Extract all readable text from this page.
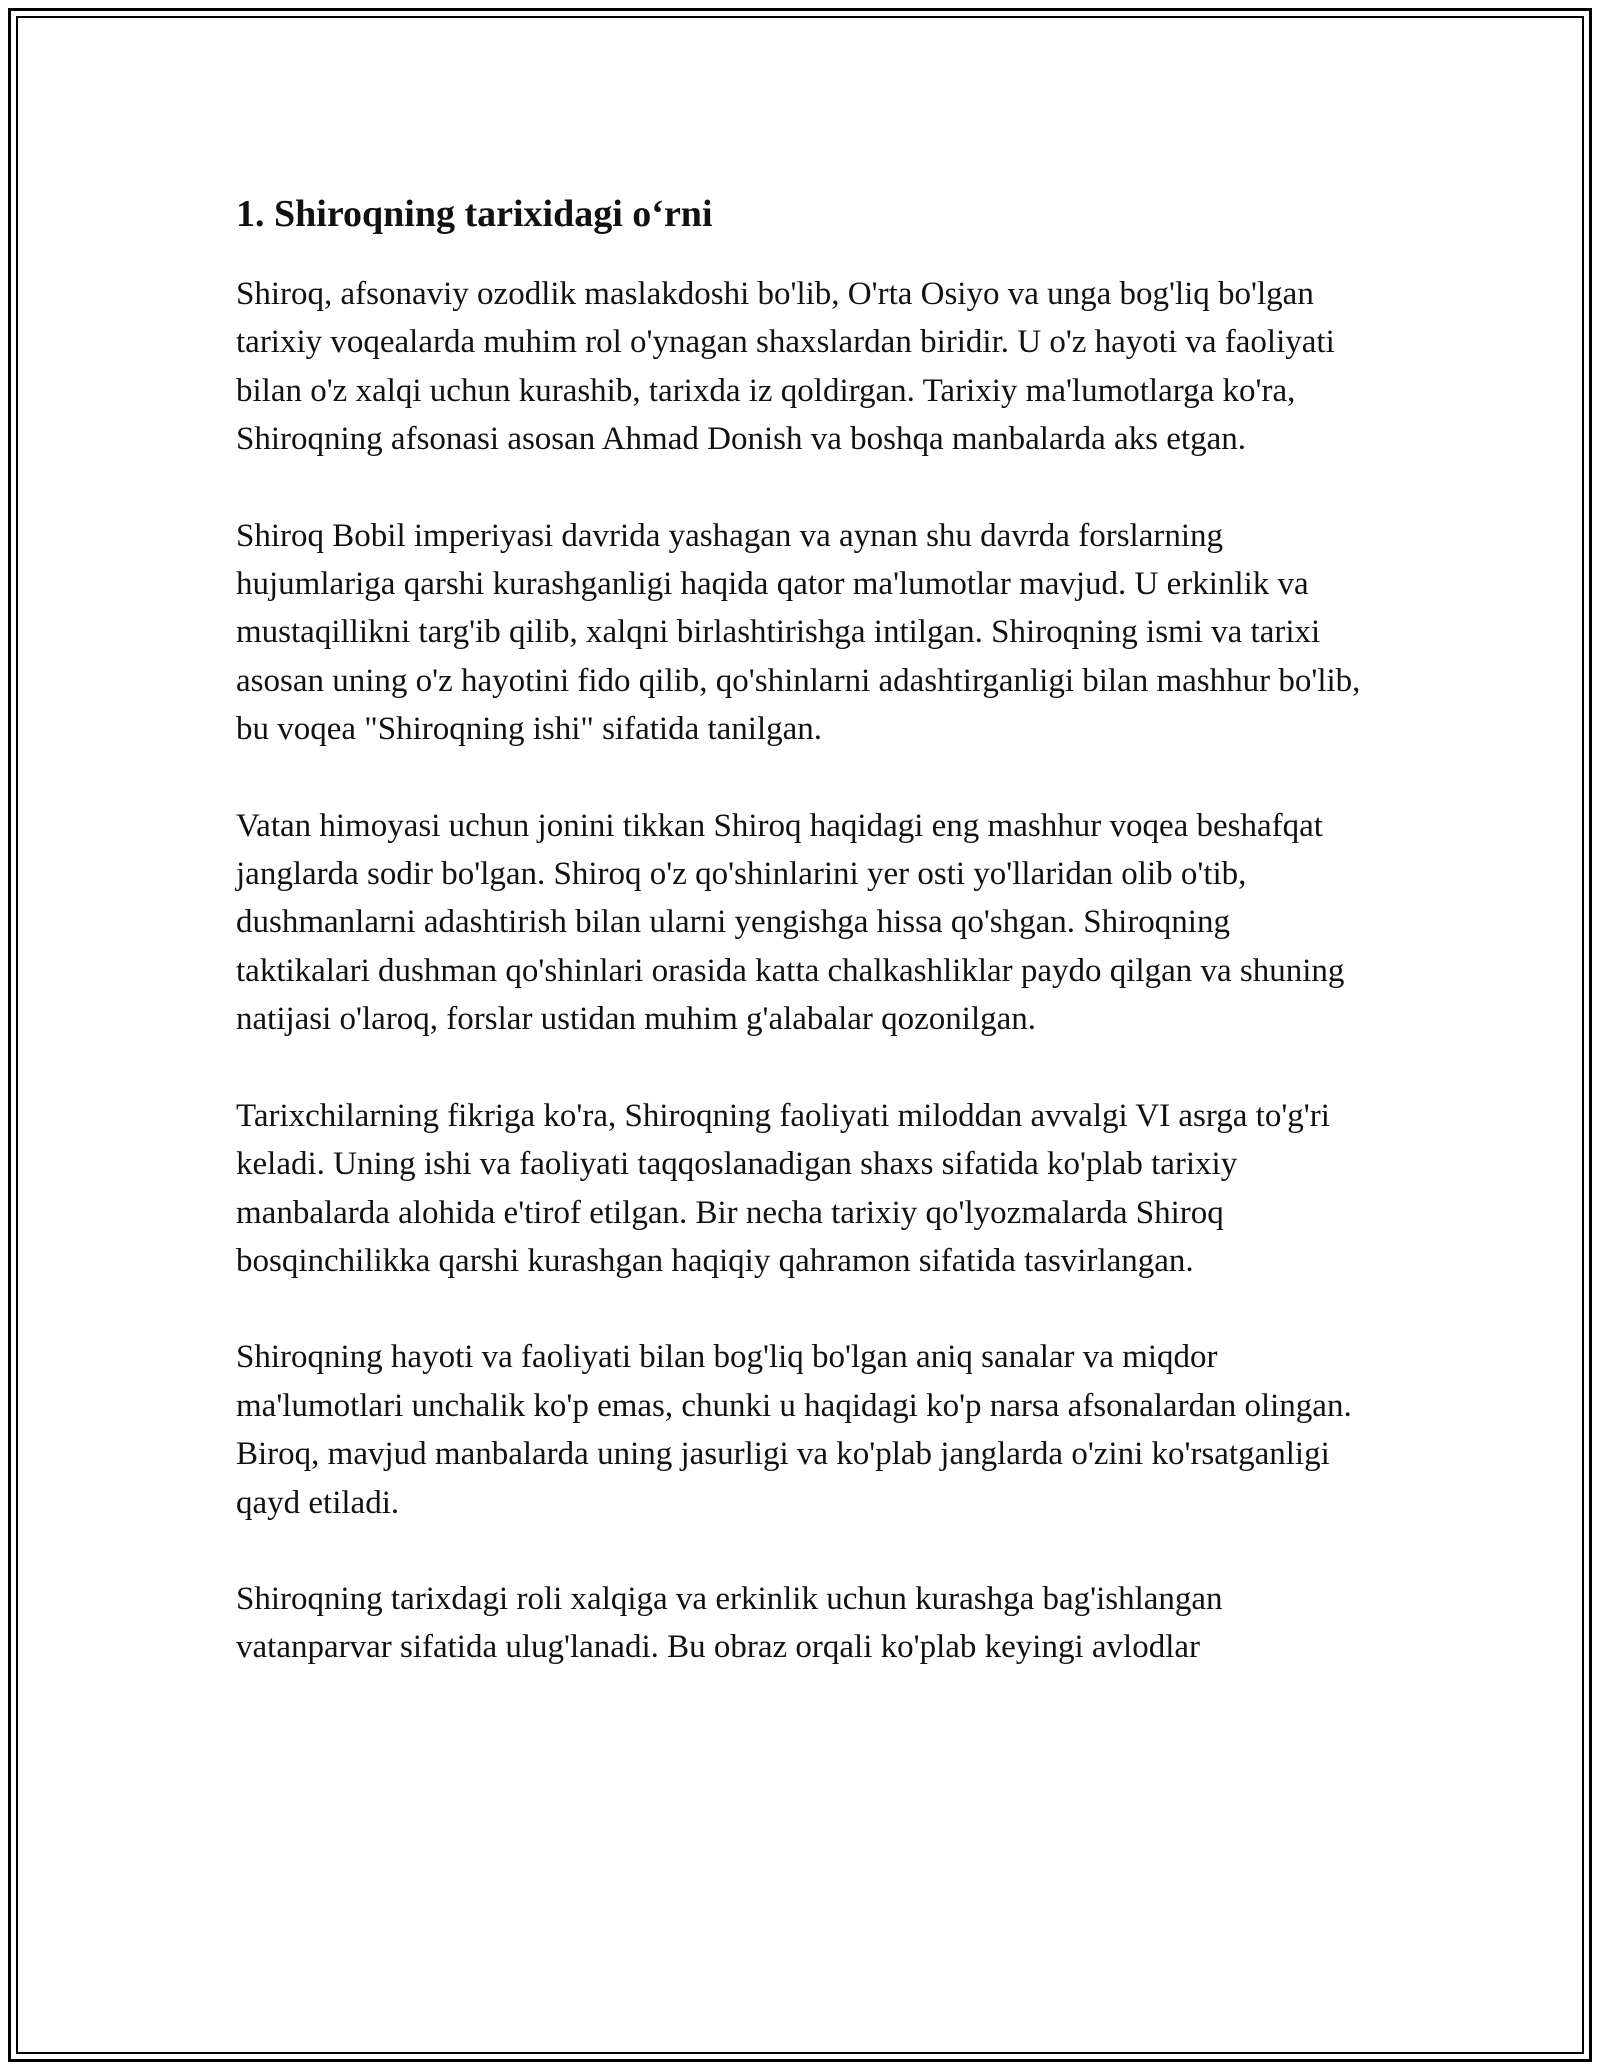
1. Shiroqning tarixidagi o‘rni

Shiroq, afsonaviy ozodlik maslakdoshi bo'lib, O'rta Osiyo va unga bog'liq bo'lgan tarixiy voqealarda muhim rol o'ynagan shaxslardan biridir. U o'z hayoti va faoliyati bilan o'z xalqi uchun kurashib, tarixda iz qoldirgan. Tarixiy ma'lumotlarga ko'ra, Shiroqning afsonasi asosan Ahmad Donish va boshqa manbalarda aks etgan.

Shiroq Bobil imperiyasi davrida yashagan va aynan shu davrda forslarning hujumlariga qarshi kurashganligi haqida qator ma'lumotlar mavjud. U erkinlik va mustaqillikni targ'ib qilib, xalqni birlashtirishga intilgan. Shiroqning ismi va tarixi asosan uning o'z hayotini fido qilib, qo'shinlarni adashtirganligi bilan mashhur bo'lib, bu voqea "Shiroqning ishi" sifatida tanilgan.

Vatan himoyasi uchun jonini tikkan Shiroq haqidagi eng mashhur voqea beshafqat janglarda sodir bo'lgan. Shiroq o'z qo'shinlarini yer osti yo'llaridan olib o'tib, dushmanlarni adashtirish bilan ularni yengishga hissa qo'shgan. Shiroqning taktikalari dushman qo'shinlari orasida katta chalkashliklar paydo qilgan va shuning natijasi o'laroq, forslar ustidan muhim g'alabalar qozonilgan.

Tarixchilarning fikriga ko'ra, Shiroqning faoliyati miloddan avvalgi VI asrga to'g'ri keladi. Uning ishi va faoliyati taqqoslanadigan shaxs sifatida ko'plab tarixiy manbalarda alohida e'tirof etilgan. Bir necha tarixiy qo'lyozmalarda Shiroq bosqinchilikka qarshi kurashgan haqiqiy qahramon sifatida tasvirlangan.

Shiroqning hayoti va faoliyati bilan bog'liq bo'lgan aniq sanalar va miqdor ma'lumotlari unchalik ko'p emas, chunki u haqidagi ko'p narsa afsonalardan olingan. Biroq, mavjud manbalarda uning jasurligi va ko'plab janglarda o'zini ko'rsatganligi qayd etiladi.

Shiroqning tarixdagi roli xalqiga va erkinlik uchun kurashga bag'ishlangan vatanparvar sifatida ulug'lanadi. Bu obraz orqali ko'plab keyingi avlodlar
